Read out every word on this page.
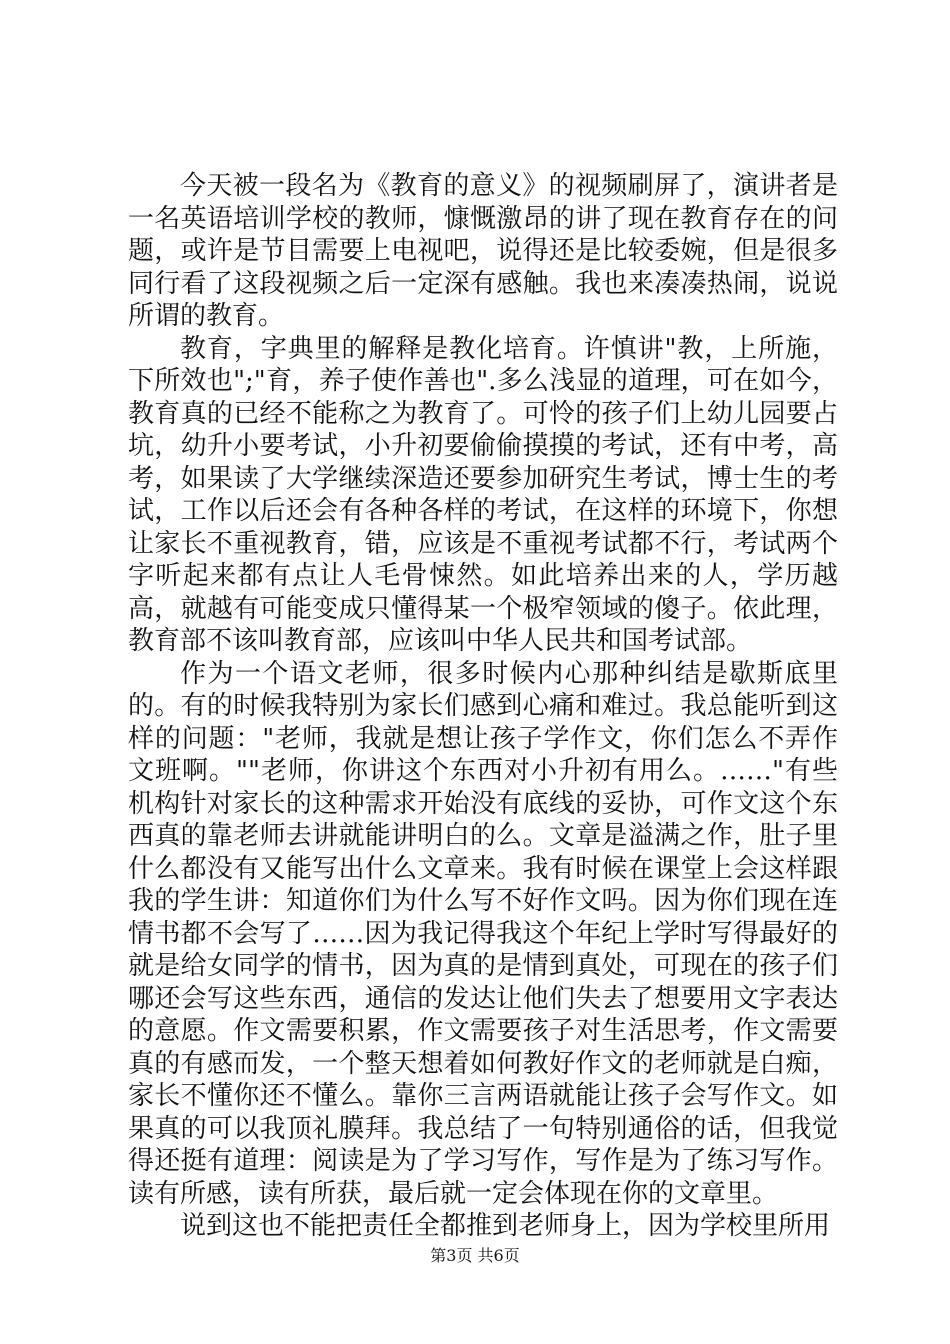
今天被一段名为《教育的意义》的视频刷屏了，演讲者是一名英语培训学校的教师，慷慨激昂的讲了现在教育存在的问题，或许是节目需要上电视吧，说得还是比较委婉，但是很多同行看了这段视频之后一定深有感触。我也来凑凑热闹，说说所谓的教育。

教育，字典里的解释是教化培育。许慎讲"教，上所施，下所效也";"育，养子使作善也".多么浅显的道理，可在如今，教育真的已经不能称之为教育了。可怜的孩子们上幼儿园要占坑，幼升小要考试，小升初要偷偷摸摸的考试，还有中考，高考，如果读了大学继续深造还要参加研究生考试，博士生的考试，工作以后还会有各种各样的考试，在这样的环境下，你想让家长不重视教育，错，应该是不重视考试都不行，考试两个字听起来都有点让人毛骨悚然。如此培养出来的人，学历越高，就越有可能变成只懂得某一个极窄领域的傻子。依此理，教育部不该叫教育部，应该叫中华人民共和国考试部。

作为一个语文老师，很多时候内心那种纠结是歇斯底里的。有的时候我特别为家长们感到心痛和难过。我总能听到这样的问题："老师，我就是想让孩子学作文，你们怎么不弄作文班啊。""老师，你讲这个东西对小升初有用么。……"有些机构针对家长的这种需求开始没有底线的妥协，可作文这个东西真的靠老师去讲就能讲明白的么。文章是溢满之作，肚子里什么都没有又能写出什么文章来。我有时候在课堂上会这样跟我的学生讲：知道你们为什么写不好作文吗。因为你们现在连情书都不会写了……因为我记得我这个年纪上学时写得最好的就是给女同学的情书，因为真的是情到真处，可现在的孩子们哪还会写这些东西，通信的发达让他们失去了想要用文字表达的意愿。作文需要积累，作文需要孩子对生活思考，作文需要真的有感而发，一个整天想着如何教好作文的老师就是白痴，家长不懂你还不懂么。靠你三言两语就能让孩子会写作文。如果真的可以我顶礼膜拜。我总结了一句特别通俗的话，但我觉得还挺有道理：阅读是为了学习写作，写作是为了练习写作。读有所感，读有所获，最后就一定会体现在你的文章里。

说到这也不能把责任全都推到老师身上，因为学校里所用

第3页 共6页
